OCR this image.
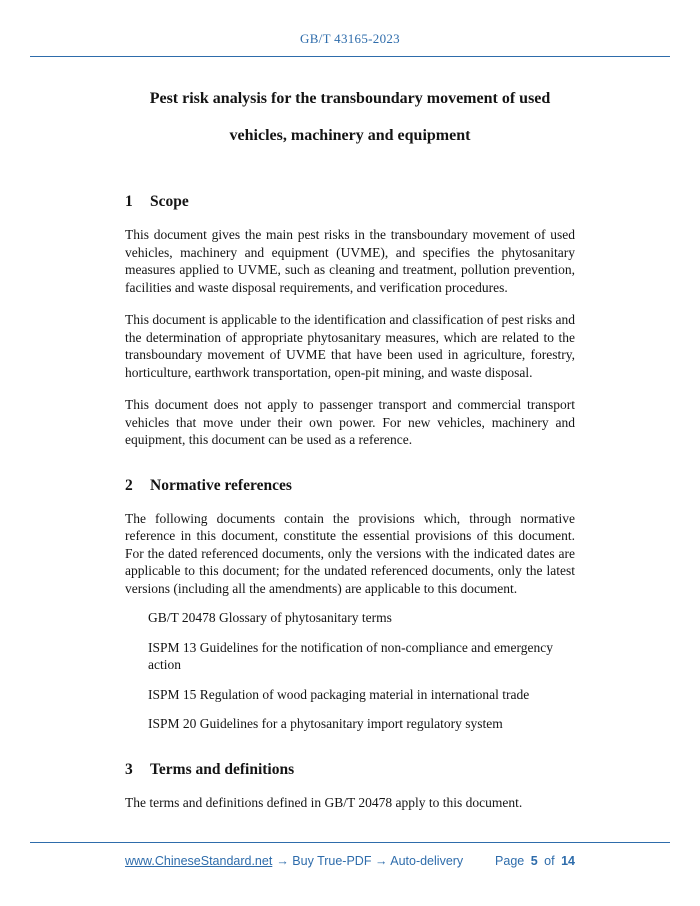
GB/T 43165-2023
Pest risk analysis for the transboundary movement of used
vehicles, machinery and equipment
1 Scope

This document gives the main pest risks in the transboundary movement of used vehicles, machinery and equipment (UVME), and specifies the phytosanitary measures applied to UVME, such as cleaning and treatment, pollution prevention, facilities and waste disposal requirements, and verification procedures.

This document is applicable to the identification and classification of pest risks and the determination of appropriate phytosanitary measures, which are related to the transboundary movement of UVME that have been used in agriculture, forestry, horticulture, earthwork transportation, open-pit mining, and waste disposal.

This document does not apply to passenger transport and commercial transport vehicles that move under their own power. For new vehicles, machinery and equipment, this document can be used as a reference.

2 Normative references

The following documents contain the provisions which, through normative reference in this document, constitute the essential provisions of this document. For the dated referenced documents, only the versions with the indicated dates are applicable to this document; for the undated referenced documents, only the latest versions (including all the amendments) are applicable to this document.

GB/T 20478 Glossary of phytosanitary terms

ISPM 13 Guidelines for the notification of non-compliance and emergency action

ISPM 15 Regulation of wood packaging material in international trade

ISPM 20 Guidelines for a phytosanitary import regulatory system

3 Terms and definitions

The terms and definitions defined in GB/T 20478 apply to this document.

www.ChineseStandard.net → Buy True-PDF → Auto-delivery	Page 5 of 14
